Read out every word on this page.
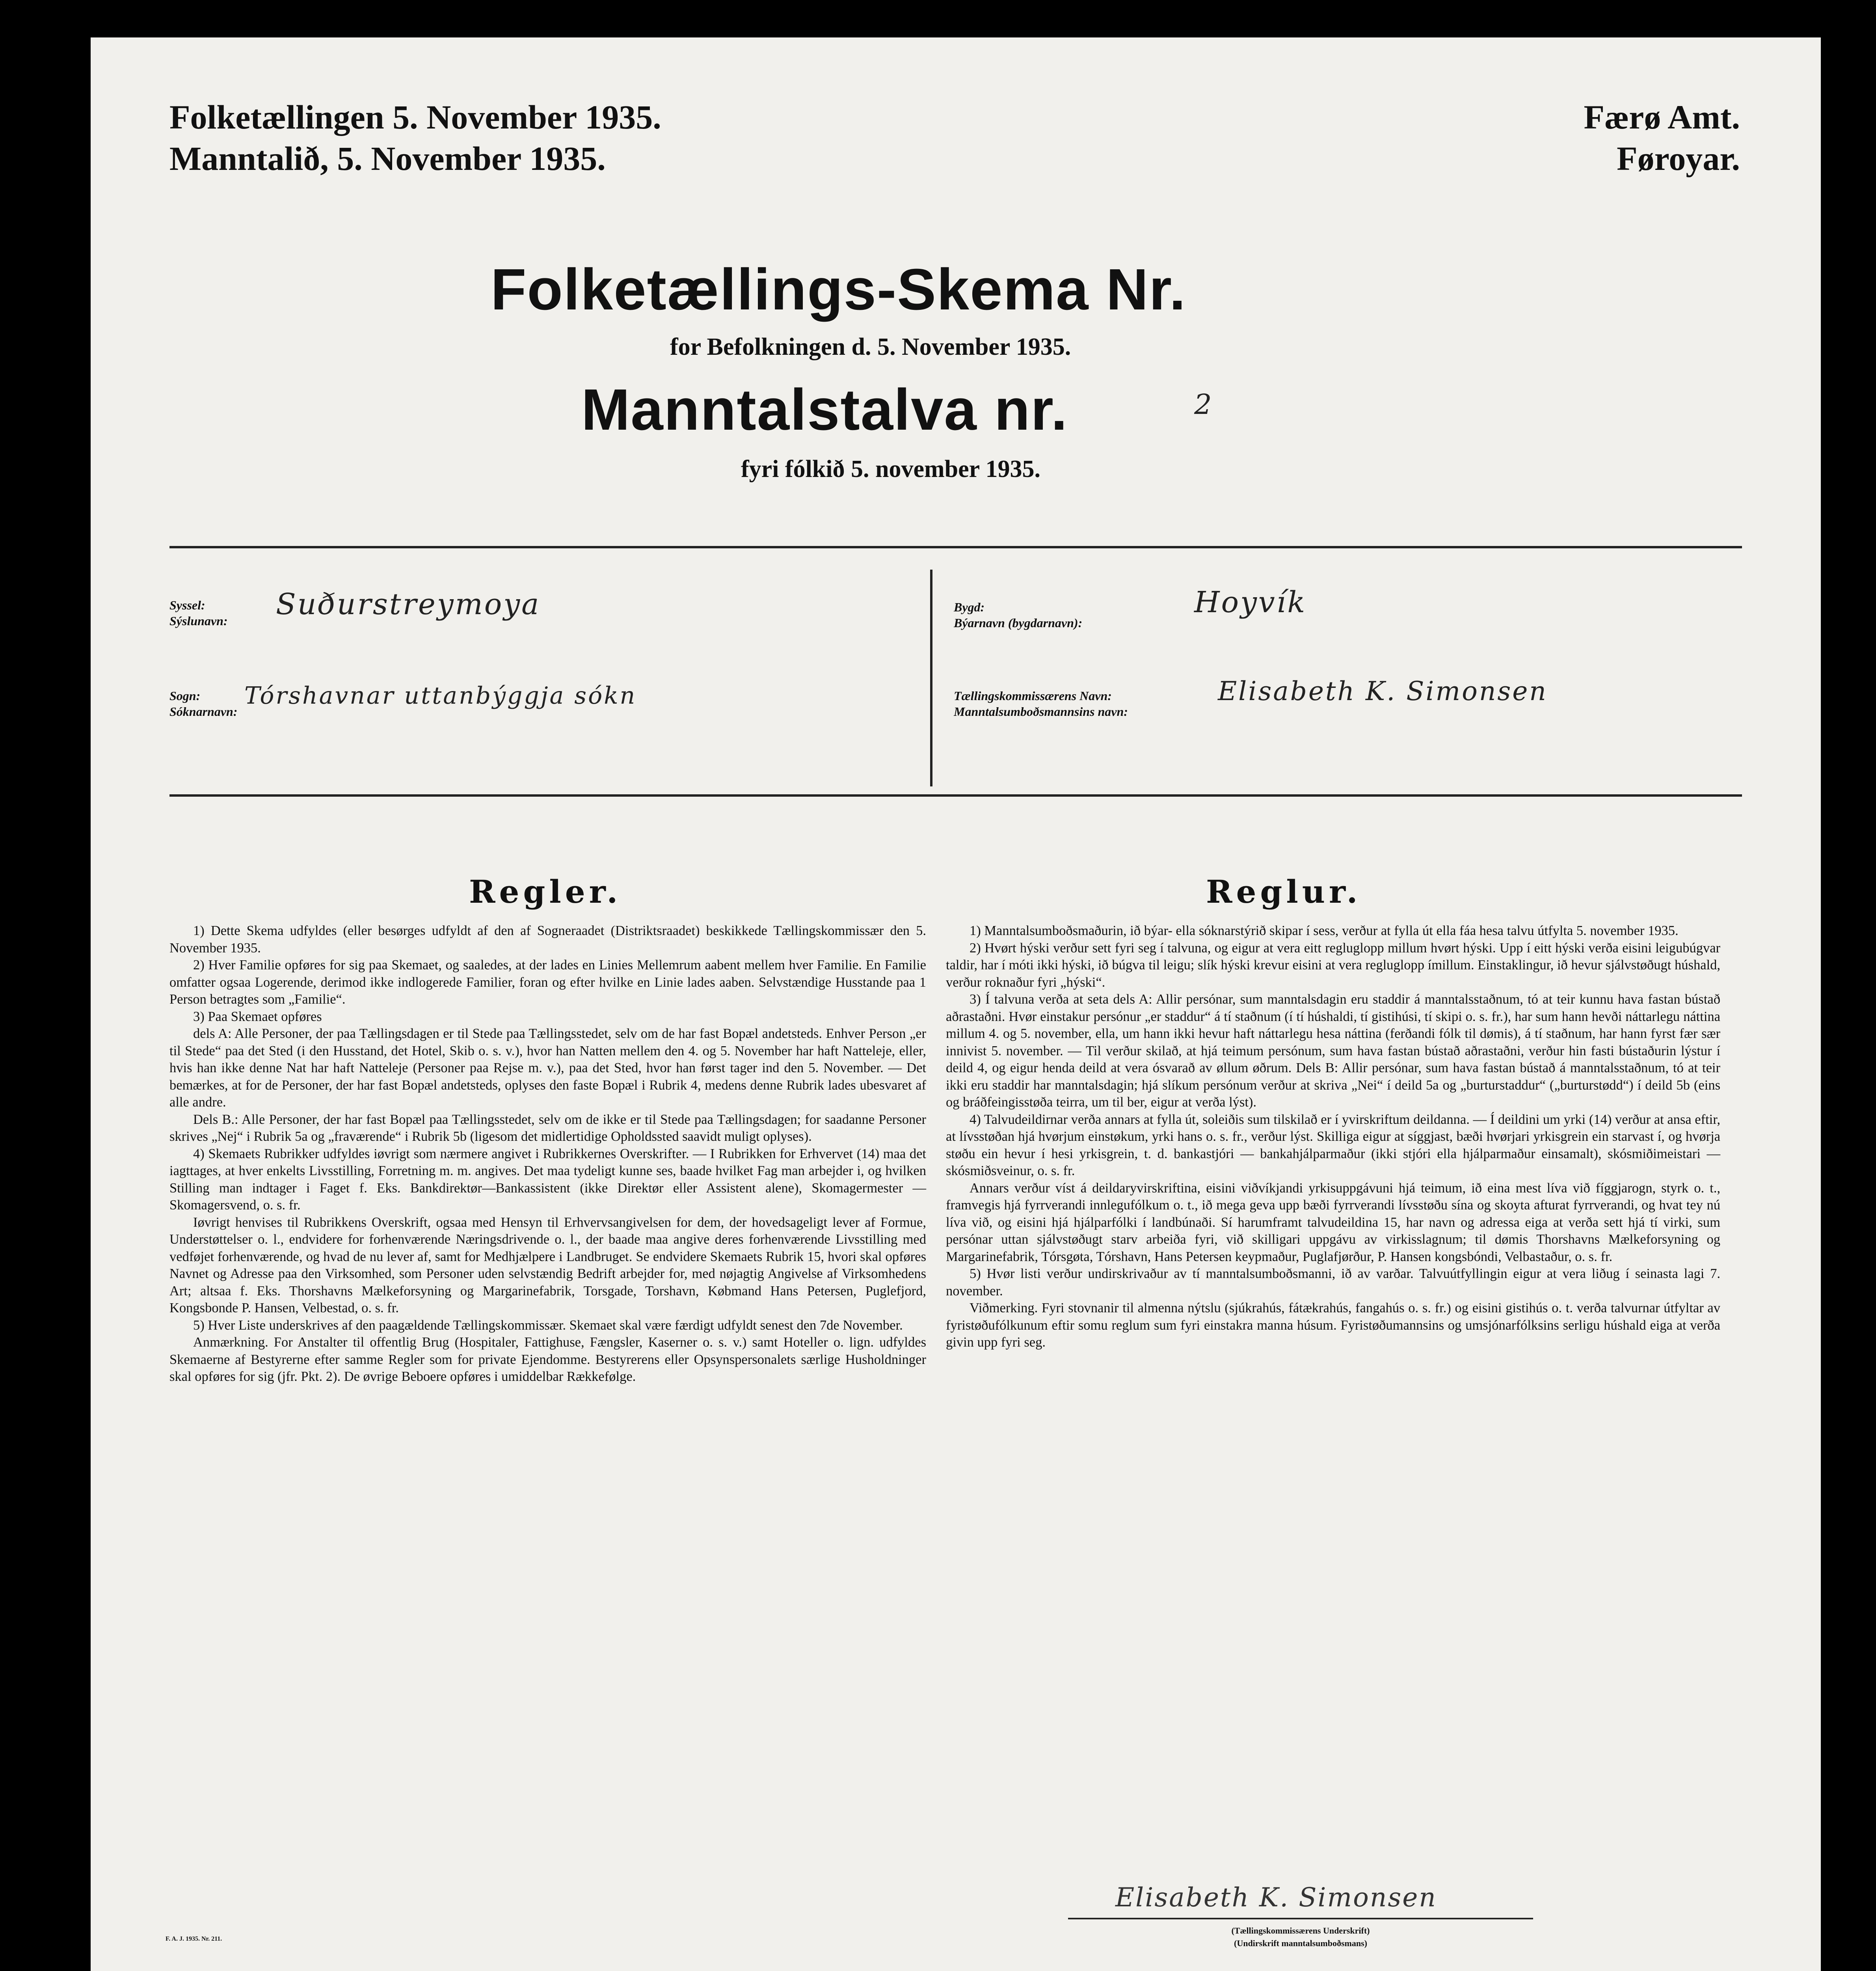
Folketællingen 5. November 1935.
Manntalið, 5. November 1935.
Færø Amt.
Føroyar.
Folketællings-Skema Nr.
for Befolkningen d. 5. November 1935.
Manntalstalva nr.	2
fyri fólkið 5. november 1935.
Syssel:
Sýslunavn: Suðurstreymoya
Sogn:
Sóknarnavn:
Tórshavnar uttanbýggja sókn
Bygd:
Býarnavn (bygdarnavn):
Hoyvík
Tællingskommissærens Navn:
Manntalsumboðsmannsins navn:
Elisabeth K. Simonsen
Regler.	Reglur.

1) Dette Skema udfyldes (eller besørges udfyldt af den af Sogneraadet (Distriktsraadet) beskikkede Tællingskommissær den 5. November 1935.

2) Hver Familie opføres for sig paa Skemaet, og saaledes, at der lades en Linies Mellemrum aabent mellem hver Familie. En Familie omfatter ogsaa Logerende, derimod ikke indlogerede Familier, foran og efter hvilke en Linie lades aaben. Selvstændige Husstande paa 1 Person betragtes som „Familie“.

3) Paa Skemaet opføres

dels A: Alle Personer, der paa Tællingsdagen er til Stede paa Tællingsstedet, selv om de har fast Bopæl andetsteds. Enhver Person „er til Stede“ paa det Sted (i den Husstand, det Hotel, Skib o. s. v.), hvor han Natten mellem den 4. og 5. November har haft Natteleje, eller, hvis han ikke denne Nat har haft Natteleje (Personer paa Rejse m. v.), paa det Sted, hvor han først tager ind den 5. November. — Det bemærkes, at for de Personer, der har fast Bopæl andetsteds, oplyses den faste Bopæl i Rubrik 4, medens denne Rubrik lades ubesvaret af alle andre.

Dels B.: Alle Personer, der har fast Bopæl paa Tællingsstedet, selv om de ikke er til Stede paa Tællingsdagen; for saadanne Personer skrives „Nej“ i Rubrik 5a og „fraværende“ i Rubrik 5b (ligesom det midlertidige Opholdssted saavidt muligt oplyses).

4) Skemaets Rubrikker udfyldes iøvrigt som nærmere angivet i Rubrikkernes Overskrifter. — I Rubrikken for Erhvervet (14) maa det iagttages, at hver enkelts Livsstilling, Forretning m. m. angives. Det maa tydeligt kunne ses, baade hvilket Fag man arbejder i, og hvilken Stilling man indtager i Faget f. Eks. Bankdirektør—Bankassistent (ikke Direktør eller Assistent alene), Skomagermester — Skomagersvend, o. s. fr.

Iøvrigt henvises til Rubrikkens Overskrift, ogsaa med Hensyn til Erhvervsangivelsen for dem, der hovedsageligt lever af Formue, Understøttelser o. l., endvidere for forhenværende Næringsdrivende o. l., der baade maa angive deres forhenværende Livsstilling med vedføjet forhenværende, og hvad de nu lever af, samt for Medhjælpere i Landbruget. Se endvidere Skemaets Rubrik 15, hvori skal opføres Navnet og Adresse paa den Virksomhed, som Personer uden selvstændig Bedrift arbejder for, med nøjagtig Angivelse af Virksomhedens Art; altsaa f. Eks. Thorshavns Mælkeforsyning og Margarinefabrik, Torsgade, Torshavn, Købmand Hans Petersen, Puglefjord, Kongsbonde P. Hansen, Velbestad, o. s. fr.

5) Hver Liste underskrives af den paagældende Tællingskommissær. Skemaet skal være færdigt udfyldt senest den 7de November.

Anmærkning. For Anstalter til offentlig Brug (Hospitaler, Fattighuse, Fængsler, Kaserner o. s. v.) samt Hoteller o. lign. udfyldes Skemaerne af Bestyrerne efter samme Regler som for private Ejendomme. Bestyrerens eller Opsynspersonalets særlige Husholdninger skal opføres for sig (jfr. Pkt. 2). De øvrige Beboere opføres i umiddelbar Rækkefølge.

1) Manntalsumboðsmaðurin, ið býar- ella sóknarstýrið skipar í sess, verður at fylla út ella fáa hesa talvu útfylta 5. november 1935.

2) Hvørt hýski verður sett fyri seg í talvuna, og eigur at vera eitt regluglopp millum hvørt hýski. Upp í eitt hýski verða eisini leigubúgvar taldir, har í móti ikki hýski, ið búgva til leigu; slík hýski krevur eisini at vera regluglopp ímillum. Einstaklingur, ið hevur sjálvstøðugt húshald, verður roknaður fyri „hýski“.

3) Í talvuna verða at seta dels A: Allir persónar, sum manntalsdagin eru staddir á manntalsstaðnum, tó at teir kunnu hava fastan bústað aðrastaðni. Hvør einstakur persónur „er staddur“ á tí staðnum (í tí húshaldi, tí gistihúsi, tí skipi o. s. fr.), har sum hann hevði náttarlegu náttina millum 4. og 5. november, ella, um hann ikki hevur haft náttarlegu hesa náttina (ferðandi fólk til dømis), á tí staðnum, har hann fyrst fær sær innivist 5. november. — Til verður skilað, at hjá teimum persónum, sum hava fastan bústað aðrastaðni, verður hin fasti bústaðurin lýstur í deild 4, og eigur henda deild at vera ósvarað av øllum øðrum. Dels B: Allir persónar, sum hava fastan bústað á manntalsstaðnum, tó at teir ikki eru staddir har manntalsdagin; hjá slíkum persónum verður at skriva „Nei“ í deild 5a og „burturstaddur“ („burturstødd“) í deild 5b (eins og bráðfeingisstøða teirra, um til ber, eigur at verða lýst).

4) Talvudeildirnar verða annars at fylla út, soleiðis sum tilskilað er í yvirskriftum deildanna. — Í deildini um yrki (14) verður at ansa eftir, at lívsstøðan hjá hvørjum einstøkum, yrki hans o. s. fr., verður lýst. Skilliga eigur at síggjast, bæði hvørjari yrkisgrein ein starvast í, og hvørja støðu ein hevur í hesi yrkisgrein, t. d. bankastjóri — bankahjálparmaður (ikki stjóri ella hjálparmaður einsamalt), skósmiðimeistari — skósmiðsveinur, o. s. fr.

Annars verður víst á deildaryvirskriftina, eisini viðvíkjandi yrkisuppgávuni hjá teimum, ið eina mest líva við fíggjarogn, styrk o. t., framvegis hjá fyrrverandi innlegufólkum o. t., ið mega geva upp bæði fyrrverandi lívsstøðu sína og skoyta afturat fyrrverandi, og hvat tey nú líva við, og eisini hjá hjálparfólki í landbúnaði. Sí harumframt talvudeildina 15, har navn og adressa eiga at verða sett hjá tí virki, sum persónar uttan sjálvstøðugt starv arbeiða fyri, við skilligari uppgávu av virkisslagnum; til dømis Thorshavns Mælkeforsyning og Margarinefabrik, Tórsgøta, Tórshavn, Hans Petersen keypmaður, Puglafjørður, P. Hansen kongsbóndi, Velbastaður, o. s. fr.

5) Hvør listi verður undirskrivaður av tí manntalsumboðsmanni, ið av varðar. Talvuútfyllingin eigur at vera liðug í seinasta lagi 7. november.

Viðmerking. Fyri stovnanir til almenna nýtslu (sjúkrahús, fátækrahús, fangahús o. s. fr.) og eisini gistihús o. t. verða talvurnar útfyltar av fyristøðufólkunum eftir somu reglum sum fyri einstakra manna húsum. Fyristøðumannsins og umsjónarfólksins serligu húshald eiga at verða givin upp fyri seg.

Elisabeth K. Simonsen
(Tællingskommissærens Underskrift)
(Undirskrift manntalsumboðsmans)
F. A. J. 1935. Nr. 211.
